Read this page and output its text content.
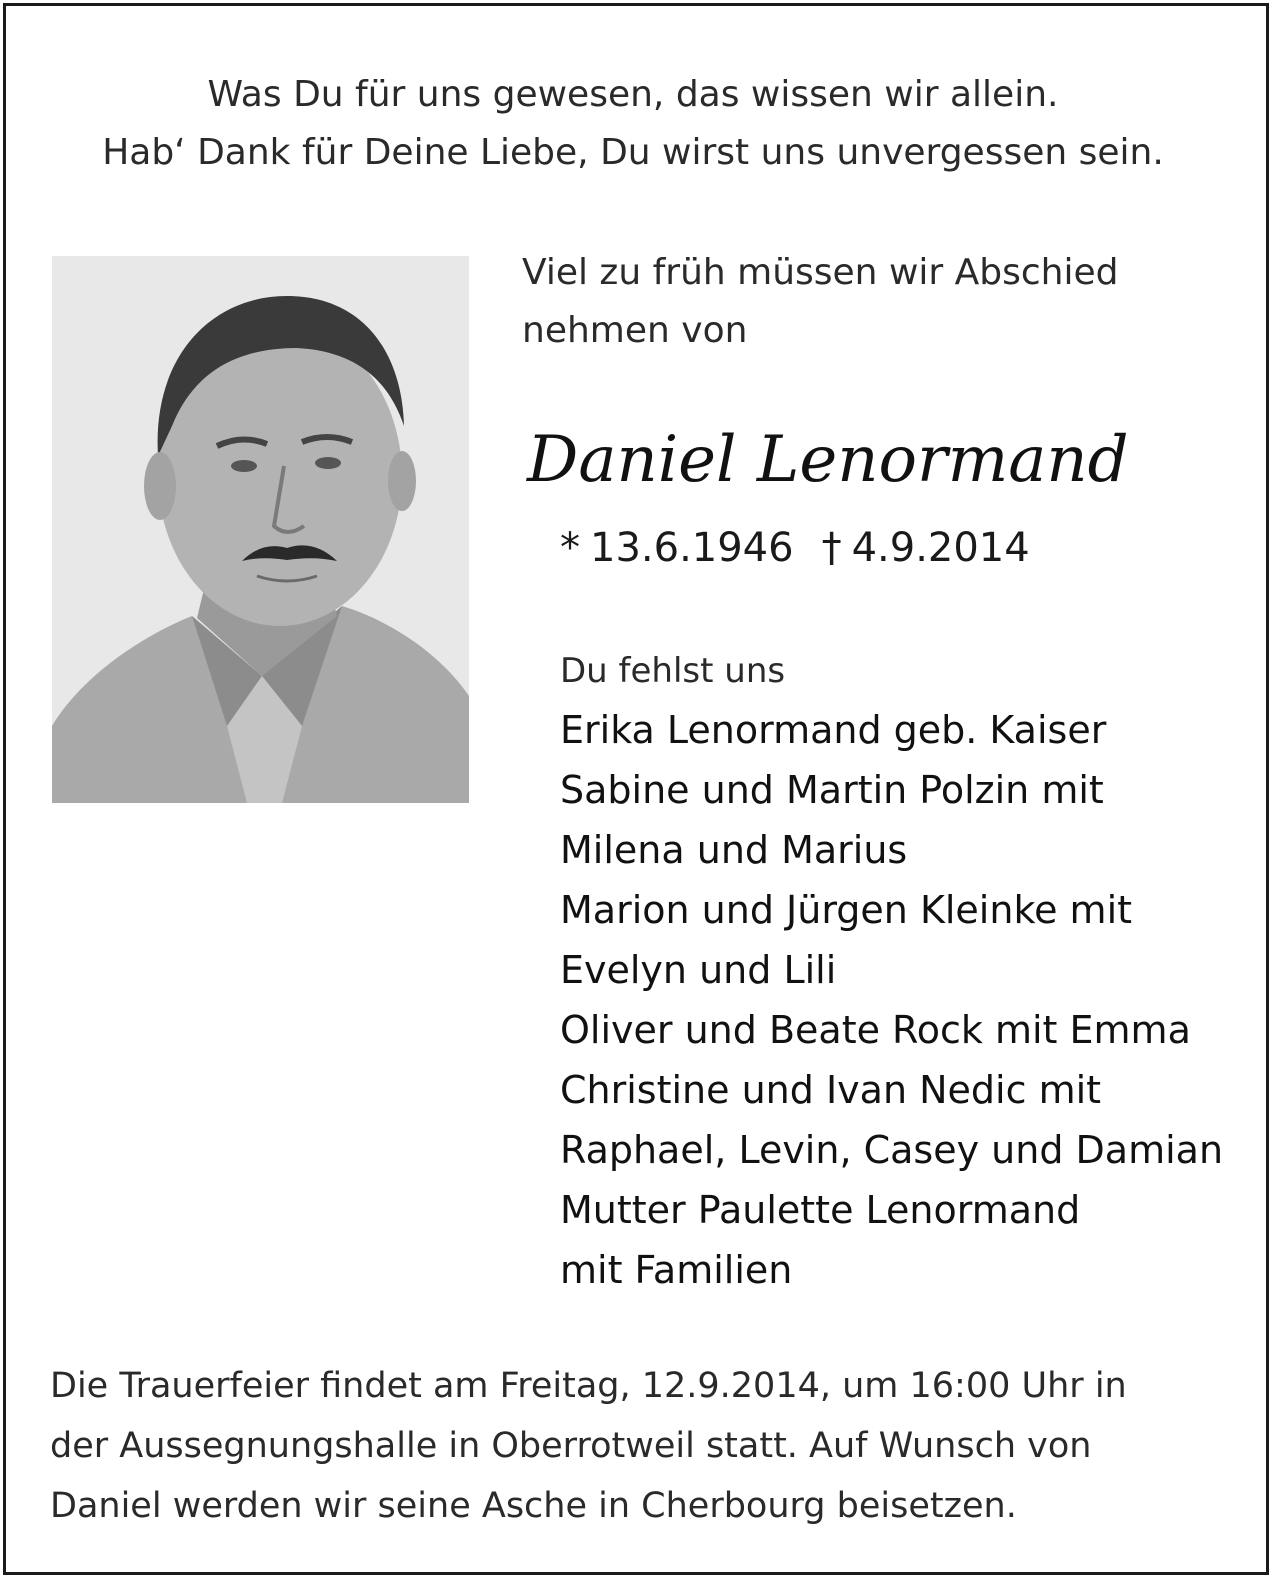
Was Du für uns gewesen, das wissen wir allein.
Hab‘ Dank für Deine Liebe, Du wirst uns unvergessen sein.
Viel zu früh müssen wir Abschied
nehmen von
Daniel Lenormand
* 13.6.1946 † 4.9.2014
Du fehlst uns
Erika Lenormand geb. Kaiser
Sabine und Martin Polzin mit
Milena und Marius
Marion und Jürgen Kleinke mit
Evelyn und Lili
Oliver und Beate Rock mit Emma
Christine und Ivan Nedic mit
Raphael, Levin, Casey und Damian
Mutter Paulette Lenormand
mit Familien
Die Trauerfeier findet am Freitag, 12.9.2014, um 16:00 Uhr in
der Aussegnungshalle in Oberrotweil statt. Auf Wunsch von
Daniel werden wir seine Asche in Cherbourg beisetzen.
